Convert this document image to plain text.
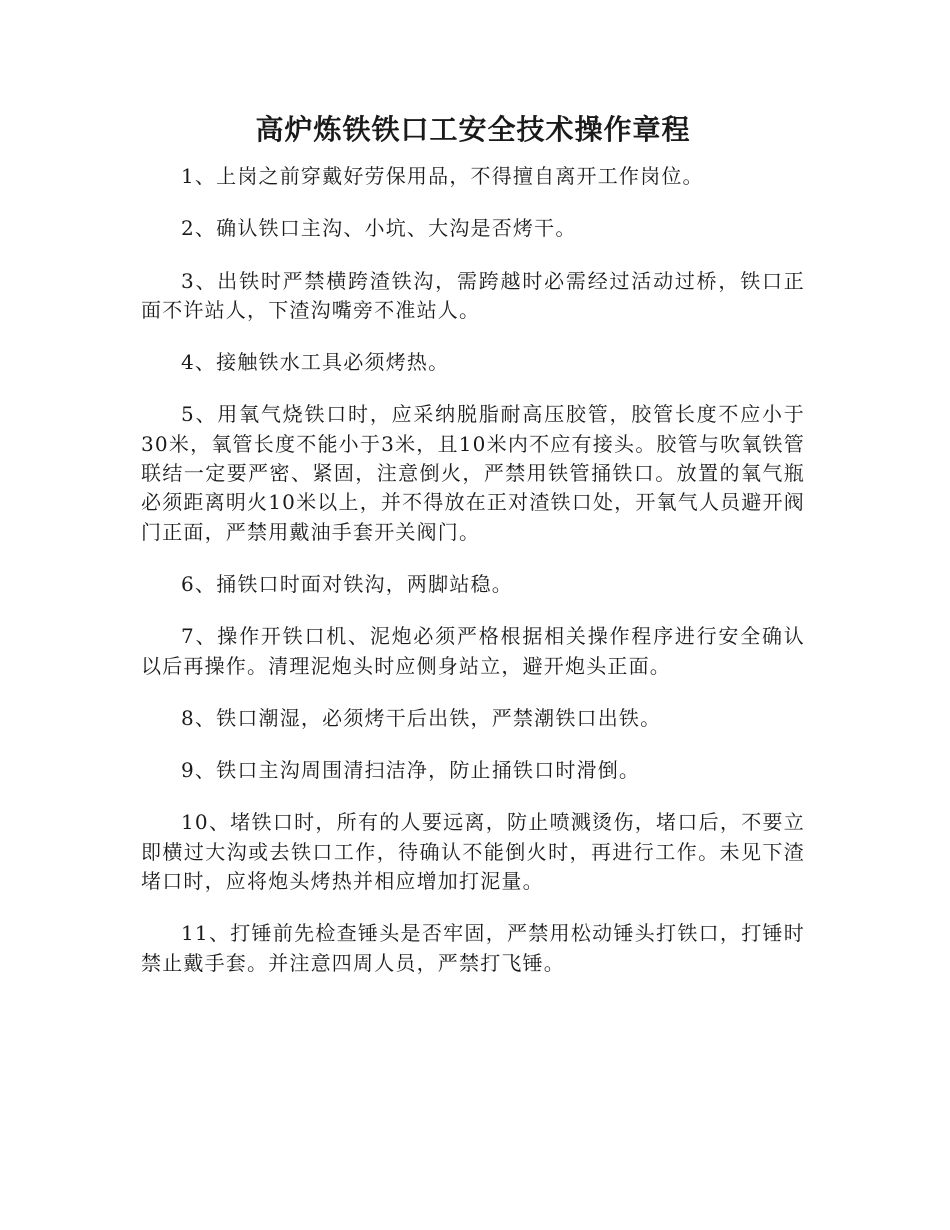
高炉炼铁铁口工安全技术操作章程

1、上岗之前穿戴好劳保用品，不得擅自离开工作岗位。

2、确认铁口主沟、小坑、大沟是否烤干。

3、出铁时严禁横跨渣铁沟，需跨越时必需经过活动过桥，铁口正面不许站人，下渣沟嘴旁不准站人。

4、接触铁水工具必须烤热。

5、用氧气烧铁口时，应采纳脱脂耐高压胶管，胶管长度不应小于30米，氧管长度不能小于3米，且10米内不应有接头。胶管与吹氧铁管联结一定要严密、紧固，注意倒火，严禁用铁管捅铁口。放置的氧气瓶必须距离明火10米以上，并不得放在正对渣铁口处，开氧气人员避开阀门正面，严禁用戴油手套开关阀门。

6、捅铁口时面对铁沟，两脚站稳。

7、操作开铁口机、泥炮必须严格根据相关操作程序进行安全确认以后再操作。清理泥炮头时应侧身站立，避开炮头正面。

8、铁口潮湿，必须烤干后出铁，严禁潮铁口出铁。

9、铁口主沟周围清扫洁净，防止捅铁口时滑倒。

10、堵铁口时，所有的人要远离，防止喷溅烫伤，堵口后，不要立即横过大沟或去铁口工作，待确认不能倒火时，再进行工作。未见下渣堵口时，应将炮头烤热并相应增加打泥量。

11、打锤前先检查锤头是否牢固，严禁用松动锤头打铁口，打锤时禁止戴手套。并注意四周人员，严禁打飞锤。
